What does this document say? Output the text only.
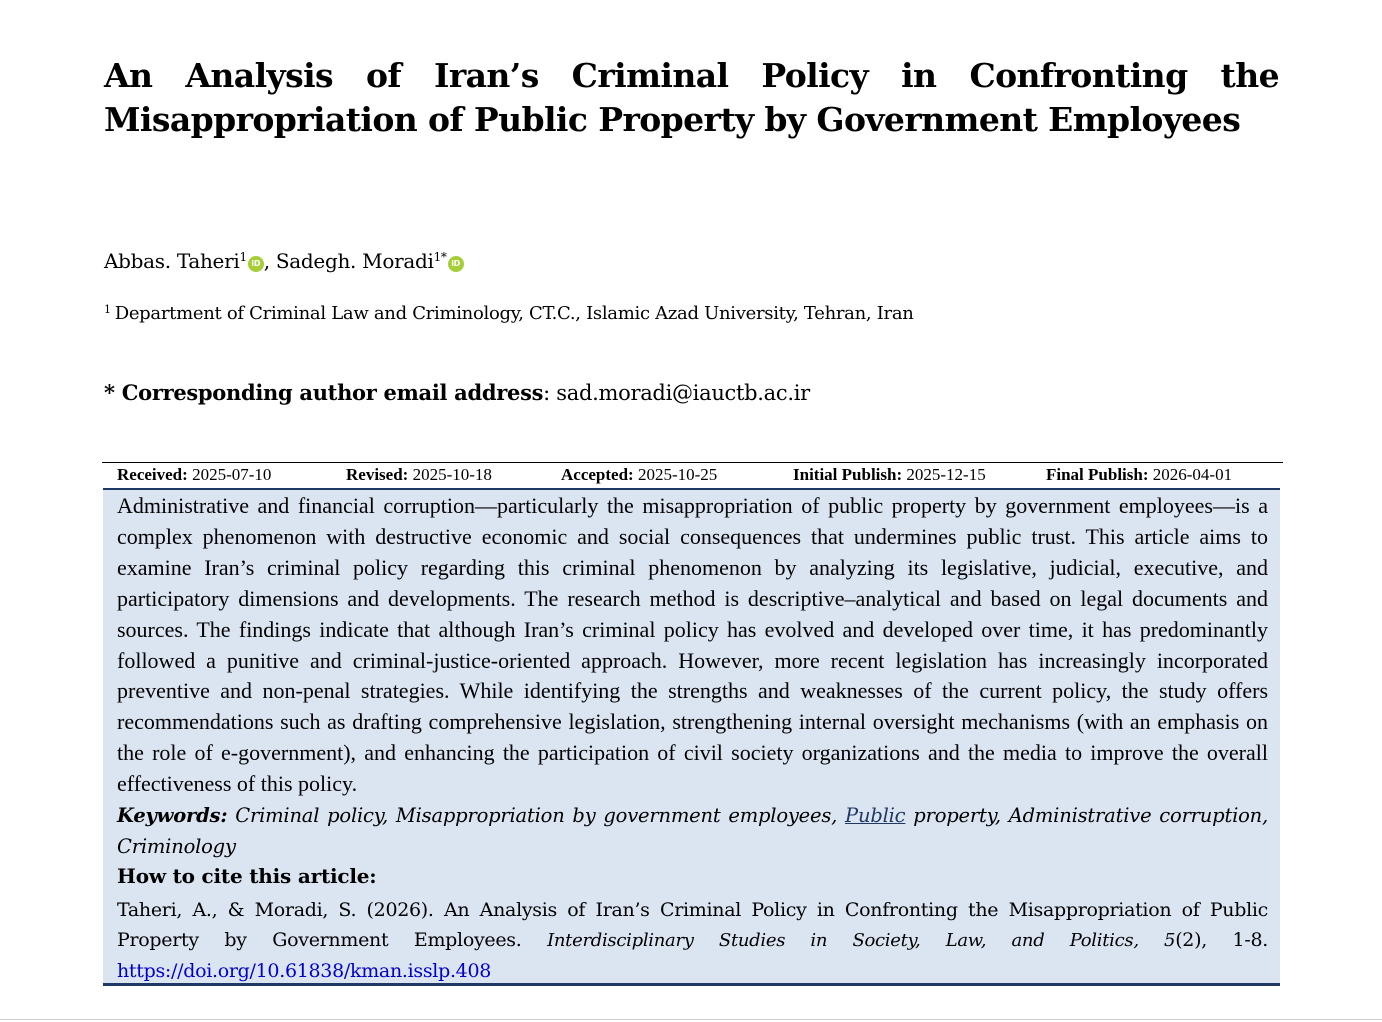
An Analysis of Iran’s Criminal Policy in Confronting the
Misappropriation of Public Property by Government Employees
Abbas. Taheri$^1$ iD , Sadegh. Moradi$^{1*}$ iD
$^1$ Department of Criminal Law and Criminology, CT.C., Islamic Azad University, Tehran, Iran
* Corresponding author email address: sad.moradi@iauctb.ac.ir
Received: 2025-07-10	Revised: 2025-10-18	Accepted: 2025-10-25	Initial Publish: 2025-12-15	Final Publish: 2026-04-01

Administrative and financial corruption—particularly the misappropriation of public property by government employees—is a complex phenomenon with destructive economic and social consequences that undermines public trust. This article aims to examine Iran’s criminal policy regarding this criminal phenomenon by analyzing its legislative, judicial, executive, and participatory dimensions and developments. The research method is descriptive–analytical and based on legal documents and sources. The findings indicate that although Iran’s criminal policy has evolved and developed over time, it has predominantly followed a punitive and criminal-justice-oriented approach. However, more recent legislation has increasingly incorporated preventive and non-penal strategies. While identifying the strengths and weaknesses of the current policy, the study offers recommendations such as drafting comprehensive legislation, strengthening internal oversight mechanisms (with an emphasis on the role of e-government), and enhancing the participation of civil society organizations and the media to improve the overall effectiveness of this policy.

Keywords: Criminal policy, Misappropriation by government employees, Public property, Administrative corruption, Criminology

How to cite this article:

Taheri, A., & Moradi, S. (2026). An Analysis of Iran’s Criminal Policy in Confronting the Misappropriation of Public Property by Government Employees. Interdisciplinary Studies in Society, Law, and Politics, 5(2), 1-8. https://doi.org/10.61838/kman.isslp.408
